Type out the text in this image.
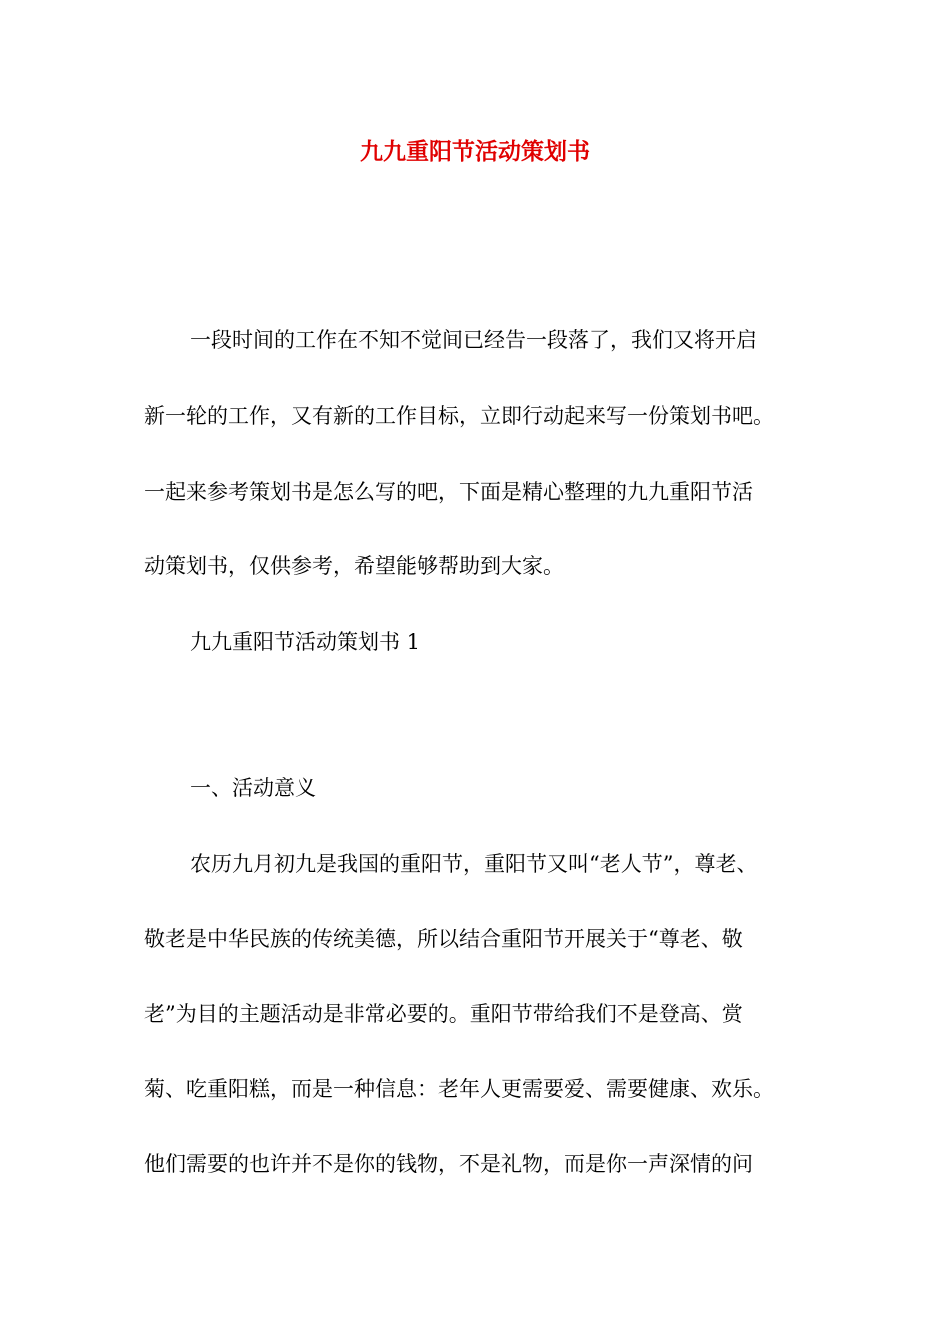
九九重阳节活动策划书

一段时间的工作在不知不觉间已经告一段落了，我们又将开启

新一轮的工作，又有新的工作目标，立即行动起来写一份策划书吧。

一起来参考策划书是怎么写的吧，下面是精心整理的九九重阳节活

动策划书，仅供参考，希望能够帮助到大家。

九九重阳节活动策划书 1

一、活动意义

农历九月初九是我国的重阳节，重阳节又叫“老人节”，尊老、

敬老是中华民族的传统美德，所以结合重阳节开展关于“尊老、敬

老”为目的主题活动是非常必要的。重阳节带给我们不是登高、赏

菊、吃重阳糕，而是一种信息：老年人更需要爱、需要健康、欢乐。

他们需要的也许并不是你的钱物，不是礼物，而是你一声深情的问
